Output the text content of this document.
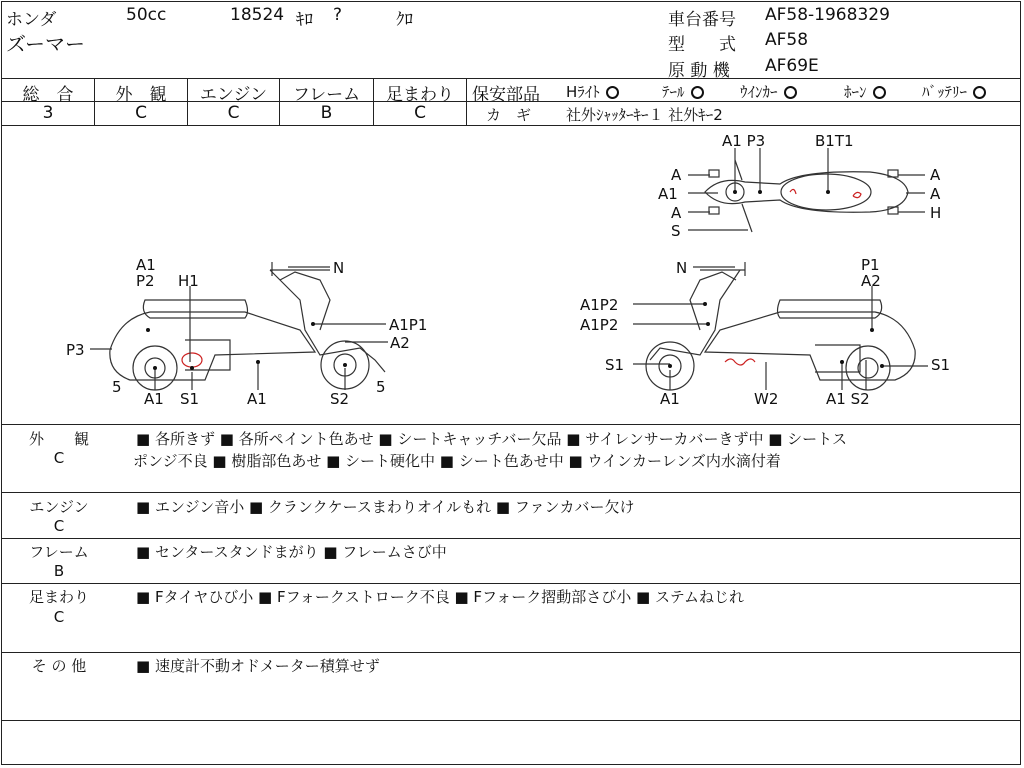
ホンダ	50cc	18524 ｷﾛ ?	ｸﾛ
ズーマー
車台番号 AF58-1968329
型　　式 AF58
原 動 機 AF69E
総　合
3
外　観
C
エンジン
C
フレーム
B
足まわり
C
保安部品 Hﾗｲﾄ	ﾃｰﾙ	ｳｲﾝｶｰ	ﾎｰﾝ	ﾊﾞｯﾃﾘｰ
カ　ギ 社外ｼｬｯﾀｰｷｰ１ 社外ｷｰ2
A1 P3	B1T1
A
A1
A
S
A
A
H
A1
P2 H1
N
A1P1
A2
P3
5
A1 S1	A1	S2
5
N	P1
A2
A1P2
A1P2
S1	S1
A1	W2	A1 S2
外　　観
C
■ 各所きず ■ 各所ペイント色あせ ■ シートキャッチバー欠品 ■ サイレンサーカバーきず中 ■ シートス
ポンジ不良 ■ 樹脂部色あせ ■ シート硬化中 ■ シート色あせ中 ■ ウインカーレンズ内水滴付着
エンジン
C
■ エンジン音小 ■ クランクケースまわりオイルもれ ■ ファンカバー欠け
フレーム
B
■ センタースタンドまがり ■ フレームさび中
足まわり
C
■ Fタイヤひび小 ■ Fフォークストローク不良 ■ Fフォーク摺動部さび小 ■ ステムねじれ
そ の 他	■ 速度計不動オドメーター積算せず
